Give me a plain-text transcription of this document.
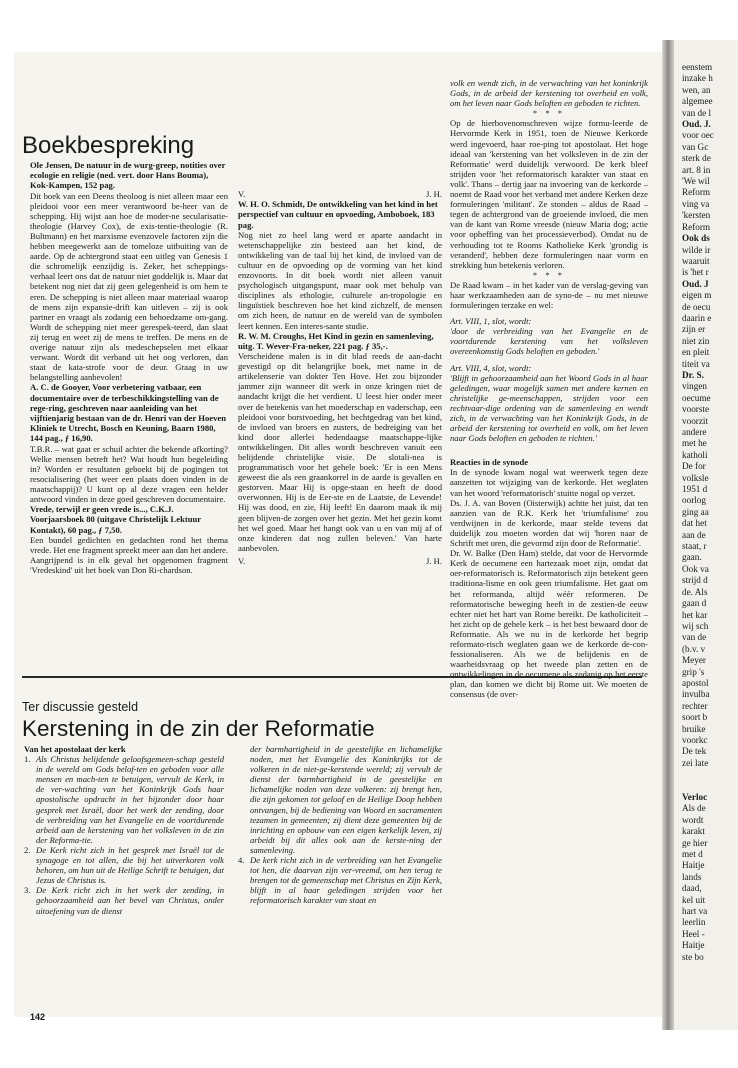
eenstem

inzake h

wen, an

algemee

van de l

Oud. J.

voor oec

van Gc

sterk de

art. 8 in

'We wil

Reform

ving va

'kersten

Reform

Ook ds

wilde ir

waaruit

is 'het r

Oud. J

eigen m

de oecu

daarin e

zijn er

niet zin

en pleit

titeit va

Dr. S.

vingen

oecume

voorste

voorzit

andere

met he

katholi

De for

volksle

1951 d

oorlog

ging aa

dat het

aan de

staat, r

gaan.

Ook va

strijd d

de. Als

gaan d

het kar

wij sch

van de

(b.v. v

Meyer

grip 's

apostol

invulba

rechter

soort b

bruike

voorkc

De tek

zei late

Verloc

Als de

wordt

karakt

ge hier

met d

Haitje

lands

daad,

kel uit

hart va

leerlin

Heel -

Haitje

ste bo

Boekbespreking

Ole Jensen, De natuur in de wurg-greep, notities over ecologie en religie (ned. vert. door Hans Bouma), Kok-Kampen, 152 pag.

Dit boek van een Deens theoloog is niet alleen maar een pleidooi voor een meer verantwoord be-heer van de schepping. Hij wijst aan hoe de moder-ne secularisatie-theologie (Harvey Cox), de exis-tentie-theologie (R. Bultmann) en het marxisme evenzovele factoren zijn die hebben meegewerkt aan de tomeloze uitbuiting van de aarde. Op de achtergrond staat een uitleg van Genesis 1 die schromelijk eenzijdig is. Zeker, het scheppings-verhaal leert ons dat de natuur niet goddelijk is. Maar dat betekent nog niet dat zij geen gelegenheid is om hem te eren. De schepping is niet alleen maar materiaal waarop de mens zijn expansie-drift kan uitleven – zij is ook partner en vraagt als zodanig een behoedzame om-gang. Wordt de schepping niet meer gerespek-teerd, dan slaat zij terug en weet zij de mens te treffen. De mens en de overige natuur zijn als medeschepselen met elkaar verwant. Wordt dit verband uit het oog verloren, dan staat de kata-strofe voor de deur. Graag in uw belangstelling aanbevolen!

A. C. de Gooyer, Voor verbetering vatbaar, een documentaire over de terbeschikkingstelling van de rege-ring, geschreven naar aanleiding van het vijftienjarig bestaan van de dr. Henri van der Hoeven Kliniek te Utrecht, Bosch en Keuning, Baarn 1980, 144 pag., ƒ 16,90.

T.B.R. – wat gaat er schuil achter die bekende afkorting? Welke mensen betreft het? Wat houdt hun begeleiding in? Worden er resultaten geboekt bij de pogingen tot resocialisering (het weer een plaats doen vinden in de maatschappij)? U kunt op al deze vragen een helder antwoord vinden in deze goed geschreven documentaire.

Vrede, terwijl er geen vrede is..., C.K.J. Voorjaarsboek 80 (uitgave Christelijk Lektuur Kontakt), 60 pag., ƒ 7,50.

Een bundel gedichten en gedachten rond het thema vrede. Het ene fragment spreekt meer aan dan het andere. Aangrijpend is in elk geval het opgenomen fragment 'Vredeskind' uit het boek van Don Ri-chardson.

V.	J. H.

W. H. O. Schmidt, De ontwikkeling van het kind in het perspectief van cultuur en opvoeding, Amboboek, 183 pag.

Nog niet zo heel lang werd er aparte aandacht in wetenschappelijke zin besteed aan het kind, de ontwikkeling van de taal bij het kind, de invloed van de cultuur en de opvoeding op de vorming van het kind enzovoorts. In dit boek wordt niet alleen vanuit psychologisch uitgangspunt, maar ook met behulp van disciplines als ethologie, culturele an-tropologie en linguïstiek beschreven hoe het kind zichzelf, de mensen om zich heen, de natuur en de wereld van de symbolen leert kennen. Een interes-sante studie.

R. W. M. Croughs, Het Kind in gezin en samenleving, uitg. T. Wever-Fra-neker, 221 pag. ƒ 35,-.

Verscheidene malen is in dit blad reeds de aan-dacht gevestigd op dit belangrijke boek, met name in de artikelenserie van dokter Ten Hove. Het zou bijzonder jammer zijn wanneer dit werk in onze kringen niet de aandacht krijgt die het verdient. U leest hier onder meer over de betekenis van het moederschap en vaderschap, een pleidooi voor borstvoeding, het bechtgedrag van het kind, de invloed van broers en zusters, de bedreiging van het kind door allerlei hedendaagse maatschappe-lijke ontwikkelingen. Dit alles wordt beschreven vanuit een belijdende christelijke visie. De slotali-nea is programmatisch voor het gehele boek: 'Er is een Mens geweest die als een graankorrel in de aarde is gevallen en gestorven. Maar Hij is opge-staan en heeft de dood overwonnen. Hij is de Eer-ste en de Laatste, de Levende! Hij was dood, en zie, Hij leeft! En daarom maak ik mij geen blijven-de zorgen over het gezin. Met het gezin komt het wel goed. Maar het hangt ook van u en van mij af of onze kinderen dat nog zullen beleven.' Van harte aanbevolen.

V.	J. H.

volk en wendt zich, in de verwachting van het koninkrijk Gods, in de arbeid der kerstening tot overheid en volk, om het leven naar Gods beloften en geboden te richten.

* * *

Op de hierbovenomschreven wijze formu-leerde de Hervormde Kerk in 1951, toen de Nieuwe Kerkorde werd ingevoerd, haar roe-ping tot apostolaat. Het hoge ideaal van 'kerstening van het volksleven in de zin der Reformatie' werd duidelijk verwoord. De kerk bleef strijden voor 'het reformatorisch karakter van staat en volk'. Thans – dertig jaar na invoering van de kerkorde – noemt de Raad voor het verband met andere Kerken deze formuleringen 'militant'. Ze stonden – aldus de Raad – tegen de achtergrond van de groeiende invloed, die men van de kant van Rome vreesde (nieuw Maria dog; actie voor opheffing van het processieverbod). Omdat nu de verhouding tot te Rooms Katholieke Kerk 'grondig is veranderd', hebben deze formuleringen naar vorm en strekking hun betekenis verloren.

* * *

De Raad kwam – in het kader van de verslag-geving van haar werkzaamheden aan de syno-de – nu met nieuwe formuleringen terzake en wel:

Art. VIII, 1, slot, wordt:

'door de verbreiding van het Evangelie en de voortdurende kerstening van het volksleven overeenkomstig Gods beloften en geboden.'

Art. VIII, 4, slot, wordt:

'Blijft in gehoorzaamheid aan het Woord Gods in al haar geledingen, waar mogelijk samen met andere kernen en christelijke ge-meenschappen, strijden voor een rechtvaar-dige ordening van de samenleving en wendt zich, in de verwachting van het Koninkrijk Gods, in de arbeid der kerstening tot overheid en volk, om het leven naar Gods beloften en geboden te richten.'

Reacties in de synode

In de synode kwam nogal wat weerwerk tegen deze aanzetten tot wijziging van de kerkorde. Het weglaten van het woord 'reformatorisch' stuitte nogal op verzet.

Ds. J. A. van Boven (Oisterwijk) achtte het juist, dat ten aanzien van de R.K. Kerk het 'triumfalisme' zou verdwijnen in de kerkorde, maar stelde tevens dat duidelijk zou moeten worden dat wij 'horen naar de Schrift met oren, die gevormd zijn door de Reformatie'.

Dr. W. Balke (Den Ham) stelde, dat voor de Hervormde Kerk de oecumene een hartezaak moet zijn, omdat dat oer-reformatorisch is. Reformatorisch zijn betekent geen traditiona-lisme en ook geen triumfalisme. Het gaat om het reformanda, altijd wéér reformeren. De reformatorische beweging heeft in de zestien-de eeuw echter niet het hart van Rome bereikt. De katholiciteit – het zicht op de gehele kerk – is het best bewaard door de Reformatie. Als we nu in de kerkorde het begrip reformato-risch weglaten gaan we de kerkorde de-con-fessionaliseren. Als we de belijdenis en de waarheidsvraag op het tweede plan zetten en de ontwikkelingen in de oecumene als zodanig op het eerste plan, dan komen we dicht bij Rome uit. We moeten de consensus (de over-

Ter discussie gesteld
Kerstening in de zin der Reformatie

Van het apostolaat der kerk

1. Als Christus belijdende geloofsgemeen-schap gesteld in de wereld om Gods belof-ten en geboden voor alle mensen en mach-ten te betuigen, vervult de Kerk, in de ver-wachting van het Koninkrijk Gods haar apostolische opdracht in het bijzonder door haar gesprek met Israël, door het werk der zending, door de verbreiding van het Evangelie en de voortdurende arbeid aan de kerstening van het volksleven in de zin der Reforma-tie.
2. De Kerk richt zich in het gesprek met Israël tot de synagoge en tot allen, die bij het uitverkoren volk behoren, om hun uit de Heilige Schrift te betuigen, dat Jezus de Christus is.
3. De Kerk richt zich in het werk der zending, in gehoorzaamheid aan het bevel van Christus, onder uitoefening van de dienst

der barmhartigheid in de geestelijke en lichamelijke noden, met het Evangelie des Koninkrijks tot de volkeren in de niet-ge-kerstende wereld; zij vervult de dienst der barmhartigheid in de geestelijke en lichamelijke noden van deze volkeren: zij brengt hen, die zijn gekomen tot geloof en de Heilige Doop hebben ontvangen, bij de bediening van Woord en sacramenten tezamen in gemeenten; zij dient deze gemeenten bij de inrichting en opbouw van een eigen kerkelijk leven, zij arbeidt bij dit alles ook aan de kerste-ning der samenleving.

4. De kerk richt zich in de verbreiding van het Evangelie tot hen, die daarvan zijn ver-vreemd, om hen terug te brengen tot de gemeenschap met Christus en Zijn Kerk, blijft in al haar geledingen strijden voor het reformatorisch karakter van staat en
142
